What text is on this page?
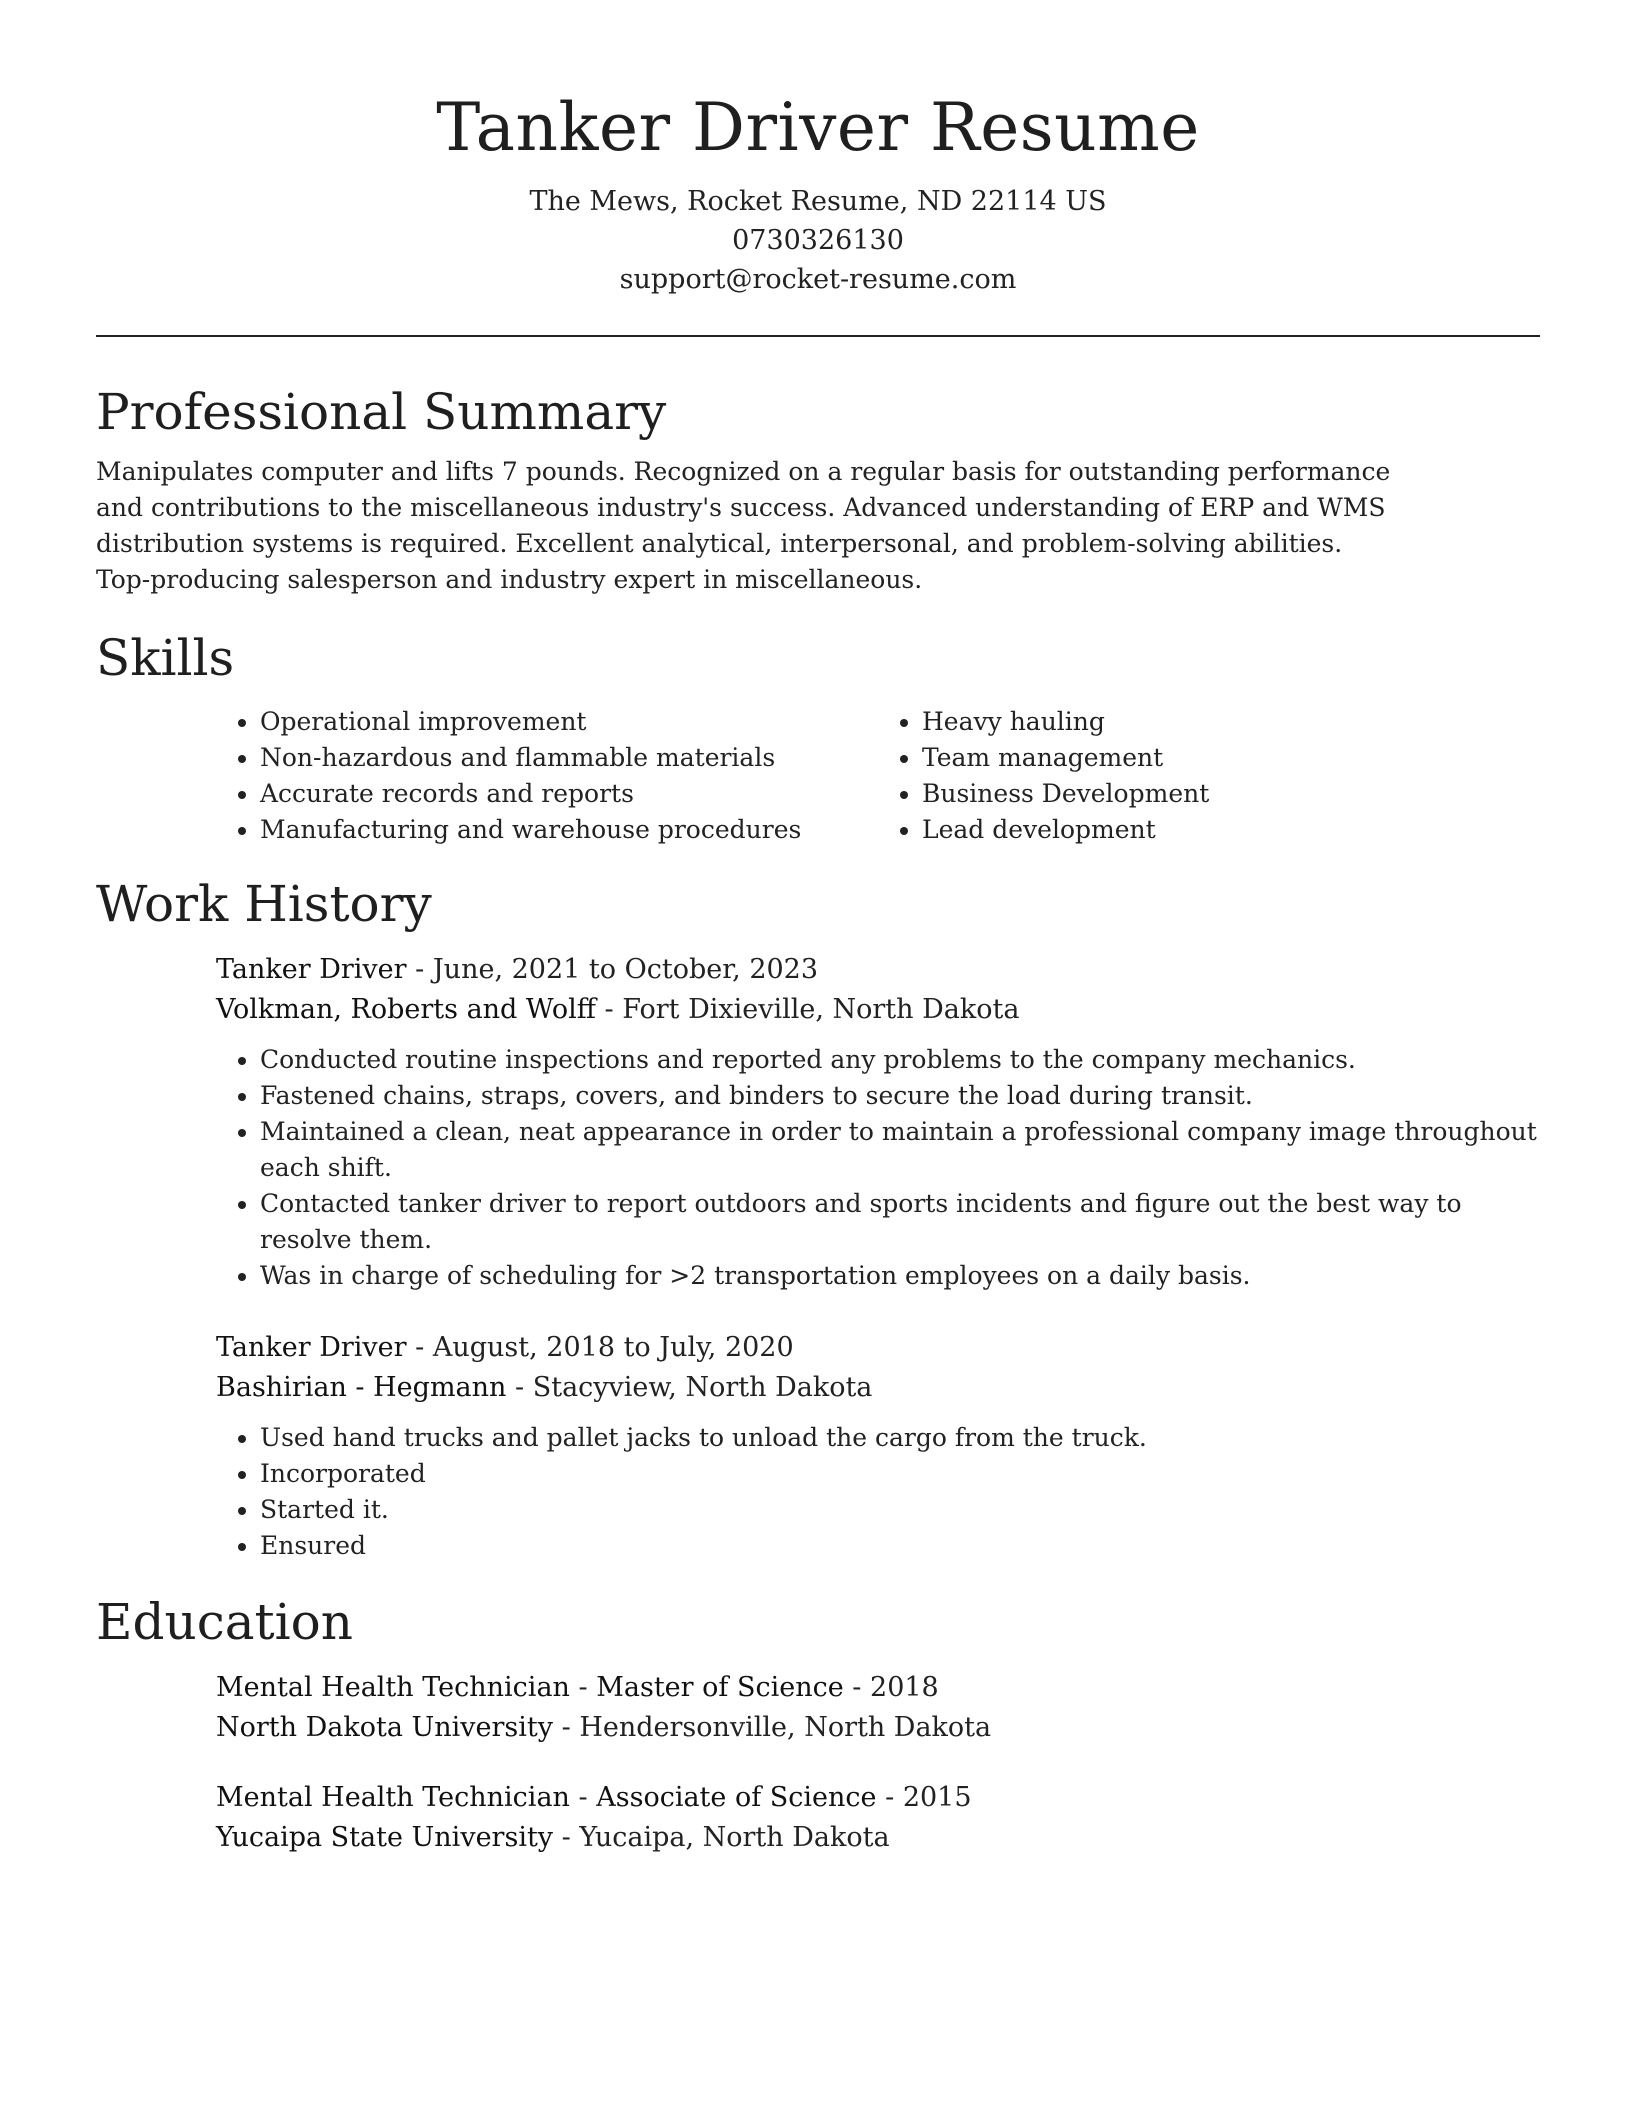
Tanker Driver Resume

The Mews, Rocket Resume, ND 22114 US

0730326130

support@rocket-resume.com

Professional Summary

Manipulates computer and lifts 7 pounds. Recognized on a regular basis for outstanding performance and contributions to the miscellaneous industry's success. Advanced understanding of ERP and WMS distribution systems is required. Excellent analytical, interpersonal, and problem-solving abilities. Top-producing salesperson and industry expert in miscellaneous.

Skills
• Operational improvement
• Non-hazardous and flammable materials
• Accurate records and reports
• Manufacturing and warehouse procedures
• Heavy hauling
• Team management
• Business Development
• Lead development
Work History

Tanker Driver - June, 2021 to October, 2023

Volkman, Roberts and Wolff - Fort Dixieville, North Dakota

• Conducted routine inspections and reported any problems to the company mechanics.
• Fastened chains, straps, covers, and binders to secure the load during transit.
• Maintained a clean, neat appearance in order to maintain a professional company image throughout each shift.
• Contacted tanker driver to report outdoors and sports incidents and figure out the best way to resolve them.
• Was in charge of scheduling for >2 transportation employees on a daily basis.

Tanker Driver - August, 2018 to July, 2020

Bashirian - Hegmann - Stacyview, North Dakota

• Used hand trucks and pallet jacks to unload the cargo from the truck.
• Incorporated
• Started it.
• Ensured
Education

Mental Health Technician - Master of Science - 2018

North Dakota University - Hendersonville, North Dakota

Mental Health Technician - Associate of Science - 2015

Yucaipa State University - Yucaipa, North Dakota
